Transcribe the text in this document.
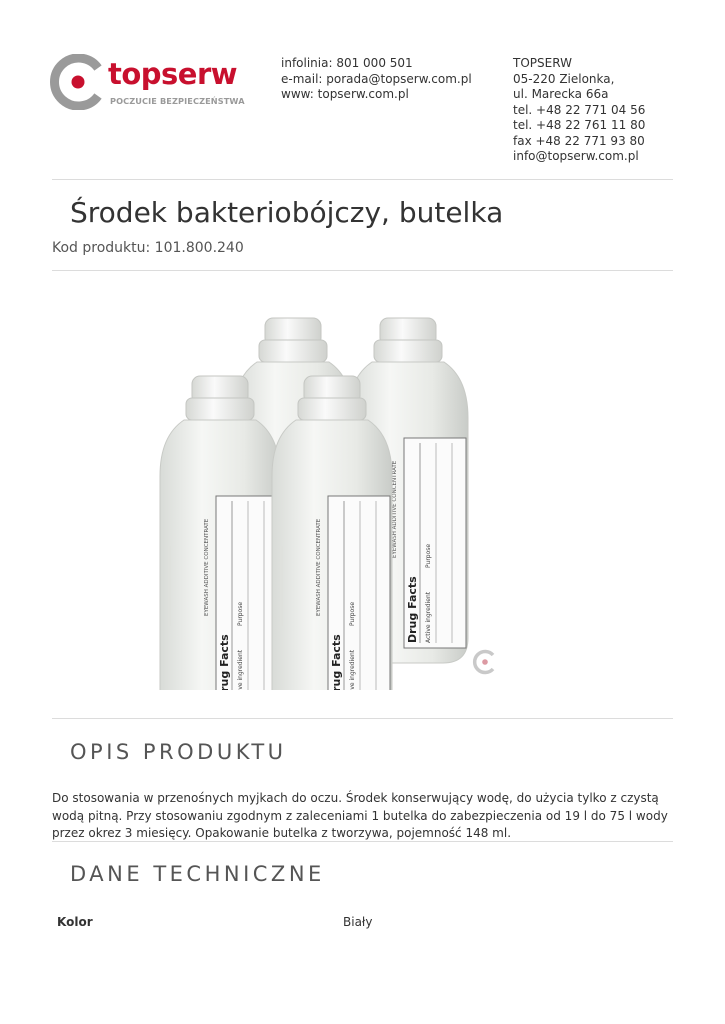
topserw
POCZUCIE BEZPIECZEŃSTWA
infolinia: 801 000 501
e-mail: porada@topserw.com.pl
www: topserw.com.pl
TOPSERW
05-220 Zielonka,
ul. Marecka 66a
tel. +48 22 771 04 56
tel. +48 22 761 11 80
fax +48 22 771 93 80
info@topserw.com.pl
Środek bakteriobójczy, butelka
Kod produktu: 101.800.240
EYEWASH ADDITIVE CONCENTRATE
OPIS PRODUKTU
Do stosowania w przenośnych myjkach do oczu. Środek konserwujący wodę, do użycia tylko z czystą wodą pitną. Przy stosowaniu zgodnym z zaleceniami 1 butelka do zabezpieczenia od 19 l do 75 l wody przez okrez 3 miesięcy. Opakowanie butelka z tworzywa, pojemność 148 ml.
DANE TECHNICZNE
Kolor	Biały
